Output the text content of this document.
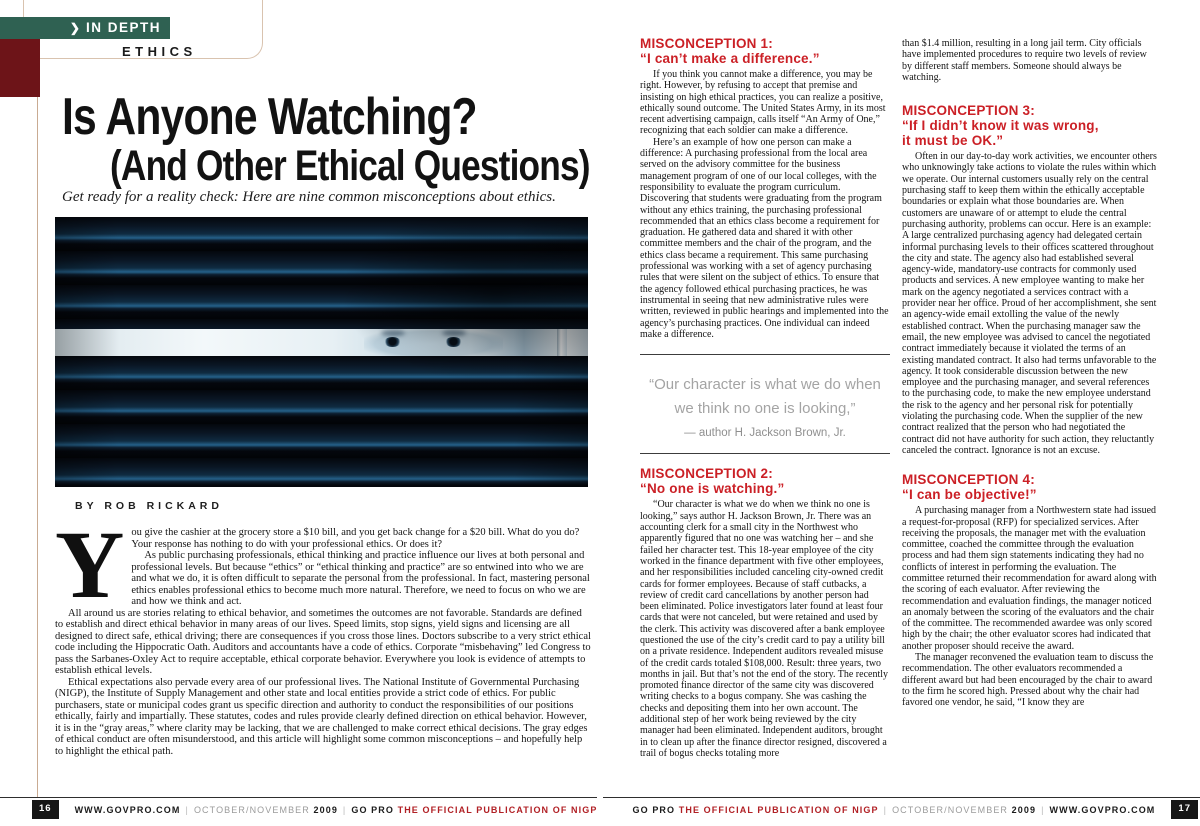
❯ IN DEPTH
ETHICS
Is Anyone Watching?
(And Other Ethical Questions)
Get ready for a reality check: Here are nine common misconceptions about ethics.
BY ROB RICKARD
Y ou give the cashier at the grocery store a $10 bill, and you get back change for a $20 bill. What do you do? Your response has nothing to do with your professional ethics. Or does it?

As public purchasing professionals, ethical thinking and practice influence our lives at both personal and professional levels. But because “ethics” or “ethical thinking and practice” are so entwined into who we are and what we do, it is often difficult to separate the personal from the professional. In fact, mastering personal ethics enables professional ethics to become much more natural. Therefore, we need to focus on who we are and how we think and act.

All around us are stories relating to ethical behavior, and sometimes the outcomes are not favorable. Standards are defined to establish and direct ethical behavior in many areas of our lives. Speed limits, stop signs, yield signs and licensing are all designed to direct safe, ethical driving; there are consequences if you cross those lines. Doctors subscribe to a very strict ethical code including the Hippocratic Oath. Auditors and accountants have a code of ethics. Corporate “misbehaving” led Congress to pass the Sarbanes-Oxley Act to require acceptable, ethical corporate behavior. Everywhere you look is evidence of attempts to establish ethical levels.

Ethical expectations also pervade every area of our professional lives. The National Institute of Governmental Purchasing (NIGP), the Institute of Supply Management and other state and local entities provide a strict code of ethics. For public purchasers, state or municipal codes grant us specific direction and authority to conduct the responsibilities of our positions ethically, fairly and impartially. These statutes, codes and rules provide clearly defined direction on ethical behavior. However, it is in the “gray areas,” where clarity may be lacking, that we are challenged to make correct ethical decisions. The gray edges of ethical conduct are often misunderstood, and this article will highlight some common misconceptions – and hopefully help to highlight the ethical path.

MISCONCEPTION 1:
“I can’t make a difference.”

If you think you cannot make a difference, you may be right. However, by refusing to accept that premise and insisting on high ethical practices, you can realize a positive, ethically sound outcome. The United States Army, in its most recent advertising campaign, calls itself “An Army of One,” recognizing that each soldier can make a difference.

Here’s an example of how one person can make a difference: A purchasing professional from the local area served on the advisory committee for the business management program of one of our local colleges, with the responsibility to evaluate the program curriculum. Discovering that students were graduating from the program without any ethics training, the purchasing professional recommended that an ethics class become a requirement for graduation. He gathered data and shared it with other committee members and the chair of the program, and the ethics class became a requirement. This same purchasing professional was working with a set of agency purchasing rules that were silent on the subject of ethics. To ensure that the agency followed ethical purchasing practices, he was instrumental in seeing that new administrative rules were written, reviewed in public hearings and implemented into the agency’s purchasing practices. One individual can indeed make a difference.

“Our character is what we do when
we think no one is looking,”
— author H. Jackson Brown, Jr.
MISCONCEPTION 2:
“No one is watching.”

“Our character is what we do when we think no one is looking,” says author H. Jackson Brown, Jr. There was an accounting clerk for a small city in the Northwest who apparently figured that no one was watching her – and she failed her character test. This 18-year employee of the city worked in the finance department with five other employees, and her responsibilities included canceling city-owned credit cards for former employees. Because of staff cutbacks, a review of credit card cancellations by another person had been eliminated. Police investigators later found at least four cards that were not canceled, but were retained and used by the clerk. This activity was discovered after a bank employee questioned the use of the city’s credit card to pay a utility bill on a private residence. Independent auditors revealed misuse of the credit cards totaled $108,000. Result: three years, two months in jail. But that’s not the end of the story. The recently promoted finance director of the same city was discovered writing checks to a bogus company. She was cashing the checks and depositing them into her own account. The additional step of her work being reviewed by the city manager had been eliminated. Independent auditors, brought in to clean up after the finance director resigned, discovered a trail of bogus checks totaling more

than $1.4 million, resulting in a long jail term. City officials have implemented procedures to require two levels of review by different staff members. Someone should always be watching.

MISCONCEPTION 3:
“If I didn’t know it was wrong,
it must be OK.”

Often in our day-to-day work activities, we encounter others who unknowingly take actions to violate the rules within which we operate. Our internal customers usually rely on the central purchasing staff to keep them within the ethically acceptable boundaries or explain what those boundaries are. When customers are unaware of or attempt to elude the central purchasing authority, problems can occur. Here is an example: A large centralized purchasing agency had delegated certain informal purchasing levels to their offices scattered throughout the city and state. The agency also had established several agency-wide, mandatory-use contracts for commonly used products and services. A new employee wanting to make her mark on the agency negotiated a services contract with a provider near her office. Proud of her accomplishment, she sent an agency-wide email extolling the value of the newly established contract. When the purchasing manager saw the email, the new employee was advised to cancel the negotiated contract immediately because it violated the terms of an existing mandated contract. It also had terms unfavorable to the agency. It took considerable discussion between the new employee and the purchasing manager, and several references to the purchasing code, to make the new employee understand the risk to the agency and her personal risk for potentially violating the purchasing code. When the supplier of the new contract realized that the person who had negotiated the contract did not have authority for such action, they reluctantly canceled the contract. Ignorance is not an excuse.

MISCONCEPTION 4:
“I can be objective!”

A purchasing manager from a Northwestern state had issued a request-for-proposal (RFP) for specialized services. After receiving the proposals, the manager met with the evaluation committee, coached the committee through the evaluation process and had them sign statements indicating they had no conflicts of interest in performing the evaluation. The committee returned their recommendation for award along with the scoring of each evaluator. After reviewing the recommendation and evaluation findings, the manager noticed an anomaly between the scoring of the evaluators and the chair of the committee. The recommended awardee was only scored high by the chair; the other evaluator scores had indicated that another proposer should receive the award.

The manager reconvened the evaluation team to discuss the recommendation. The other evaluators recommended a different award but had been encouraged by the chair to award to the firm he scored high. Pressed about why the chair had favored one vendor, he said, “I know they are

16	WWW.GOVPRO.COM | OCTOBER/NOVEMBER 2009 | GO PRO THE OFFICIAL PUBLICATION OF NIGP	GO PRO THE OFFICIAL PUBLICATION OF NIGP | OCTOBER/NOVEMBER 2009 | WWW.GOVPRO.COM	17
